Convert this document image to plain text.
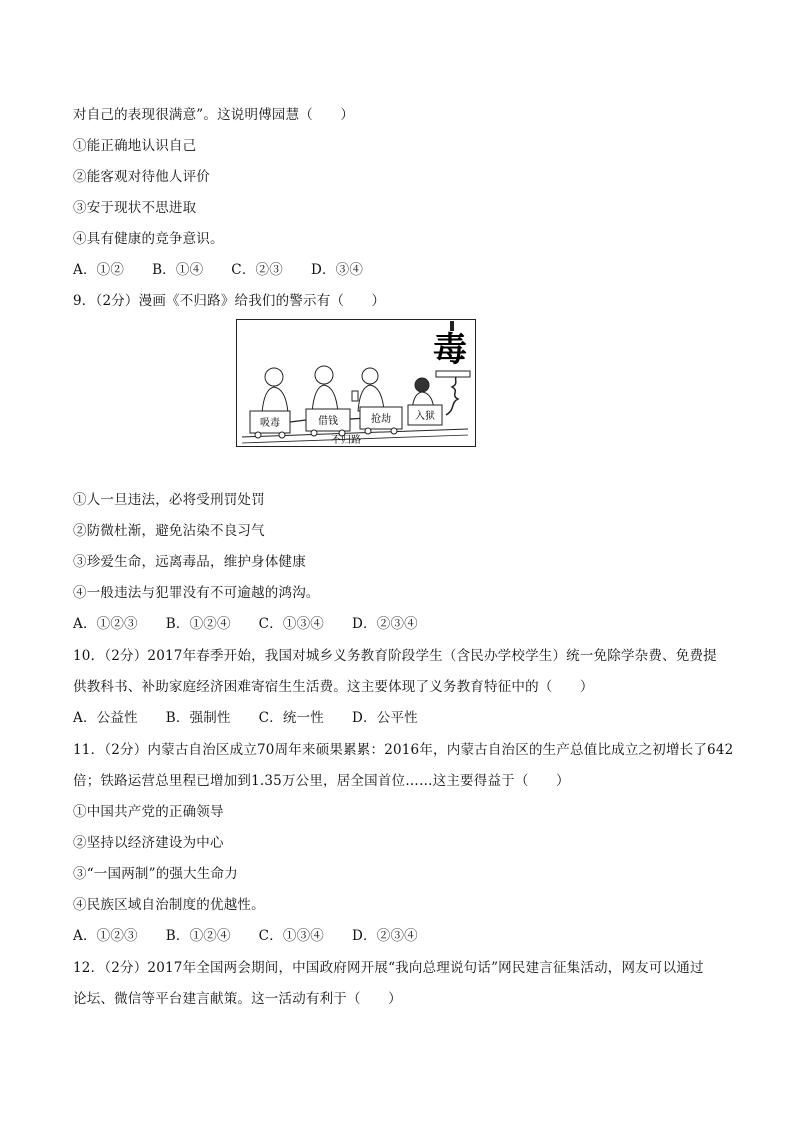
对自己的表现很满意”。这说明傅园慧（　　）
①能正确地认识自己
②能客观对待他人评价
③安于现状不思进取
④具有健康的竞争意识。
A．①② B．①④ C．②③ D．③④
9．（2分）漫画《不归路》给我们的警示有（　　）
毒
吸毒	借钱	抢劫 入狱
不归路
①人一旦违法，必将受刑罚处罚
②防微杜渐，避免沾染不良习气
③珍爱生命，远离毒品，维护身体健康
④一般违法与犯罪没有不可逾越的鸿沟。
A．①②③ B．①②④ C．①③④ D．②③④
10．（2分）2017年春季开始，我国对城乡义务教育阶段学生（含民办学校学生）统一免除学杂费、免费提
供教科书、补助家庭经济困难寄宿生生活费。这主要体现了义务教育特征中的（　　）
A．公益性 B．强制性 C．统一性 D．公平性
11．（2分）内蒙古自治区成立70周年来硕果累累：2016年，内蒙古自治区的生产总值比成立之初增长了642
倍；铁路运营总里程已增加到1.35万公里，居全国首位……这主要得益于（　　）
①中国共产党的正确领导
②坚持以经济建设为中心
③“一国两制”的强大生命力
④民族区域自治制度的优越性。
A．①②③ B．①②④ C．①③④ D．②③④
12．（2分）2017年全国两会期间，中国政府网开展“我向总理说句话”网民建言征集活动，网友可以通过
论坛、微信等平台建言献策。这一活动有利于（　　）
